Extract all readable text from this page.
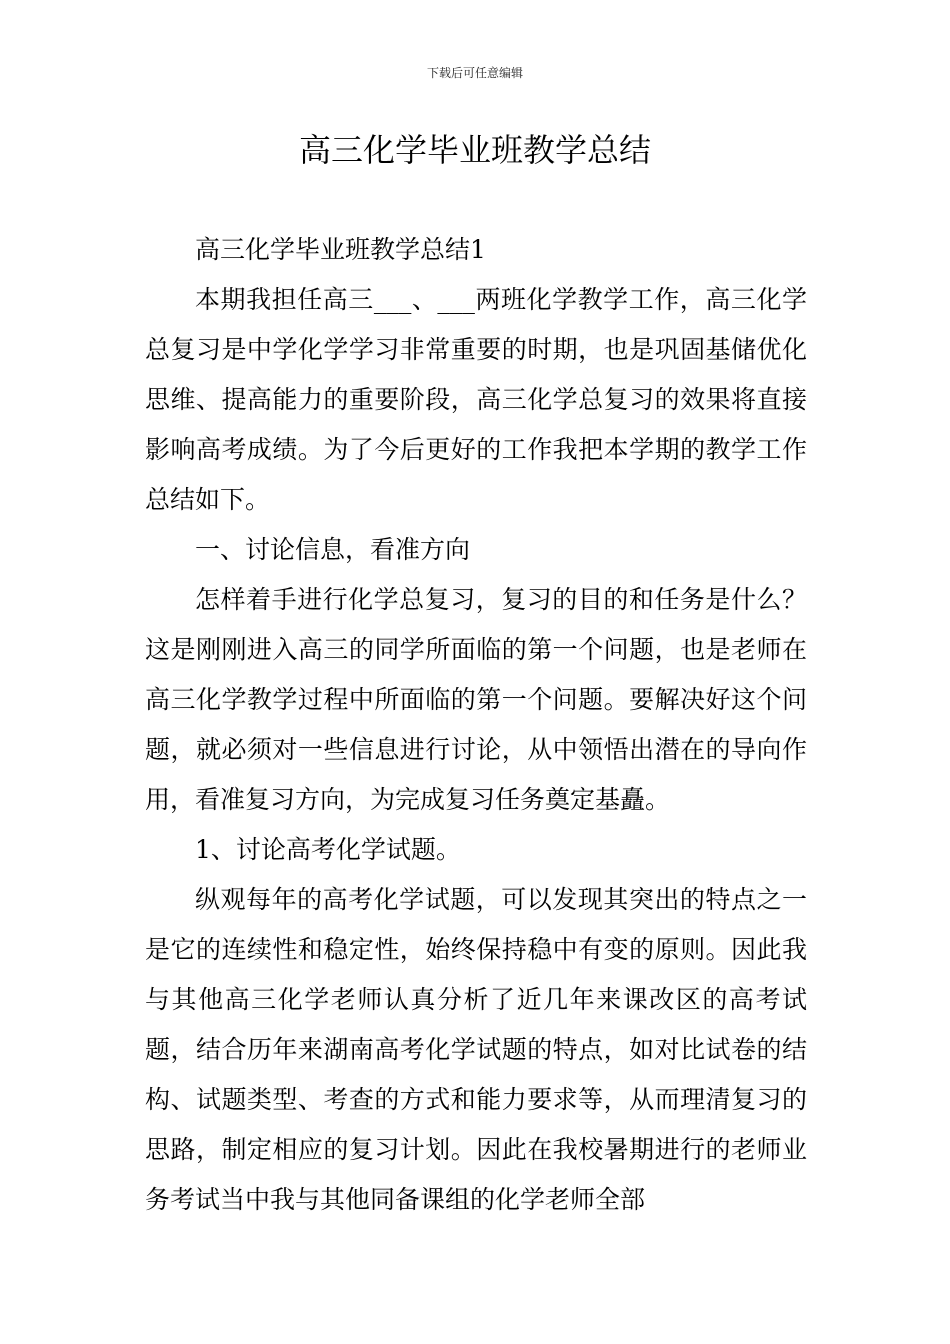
下载后可任意编辑
高三化学毕业班教学总结

高三化学毕业班教学总结1

本期我担任高三___、___两班化学教学工作，高三化学总复习是中学化学学习非常重要的时期，也是巩固基储优化思维、提高能力的重要阶段，高三化学总复习的效果将直接影响高考成绩。为了今后更好的工作我把本学期的教学工作总结如下。

一、讨论信息，看准方向

怎样着手进行化学总复习，复习的目的和任务是什么？这是刚刚进入高三的同学所面临的第一个问题，也是老师在高三化学教学过程中所面临的第一个问题。要解决好这个问题，就必须对一些信息进行讨论，从中领悟出潜在的导向作用，看准复习方向，为完成复习任务奠定基矗。

1、讨论高考化学试题。

纵观每年的高考化学试题，可以发现其突出的特点之一是它的连续性和稳定性，始终保持稳中有变的原则。因此我与其他高三化学老师认真分析了近几年来课改区的高考试题，结合历年来湖南高考化学试题的特点，如对比试卷的结构、试题类型、考查的方式和能力要求等，从而理清复习的思路，制定相应的复习计划。因此在我校暑期进行的老师业务考试当中我与其他同备课组的化学老师全部
